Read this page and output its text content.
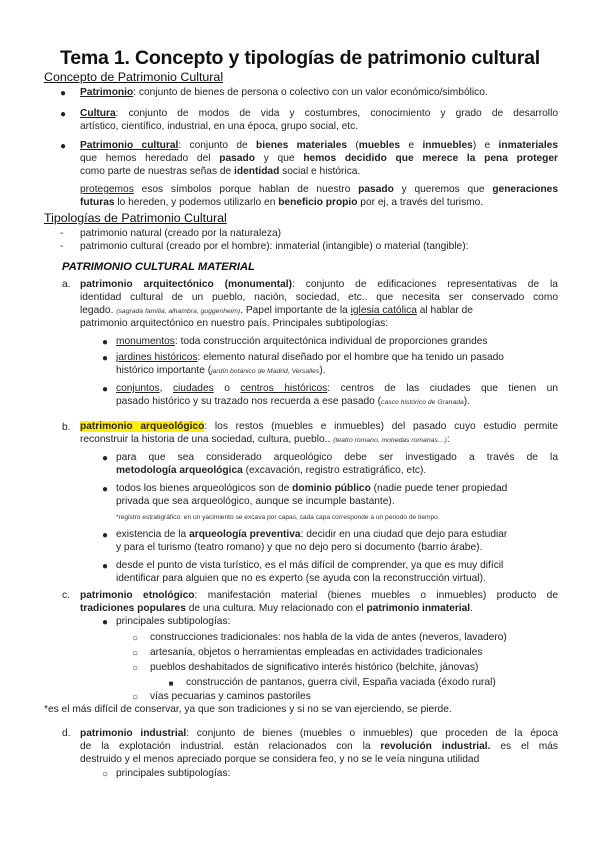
Tema 1. Concepto y tipologías de patrimonio cultural
Concepto de Patrimonio Cultural
● Patrimonio: conjunto de bienes de persona o colectivo con un valor económico/simbólico.
● Cultura: conjunto de modos de vida y costumbres, conocimiento y grado de desarrollo
artístico, científico, industrial, en una época, grupo social, etc.
● Patrimonio cultural: conjunto de bienes materiales (muebles e inmuebles) e inmateriales
que hemos heredado del pasado y que hemos decidido que merece la pena proteger
como parte de nuestras señas de identidad social e histórica.
protegemos esos símbolos porque hablan de nuestro pasado y queremos que generaciones
futuras lo hereden, y podemos utilizarlo en beneficio propio por ej, a través del turismo.
Tipologías de Patrimonio Cultural
-	patrimonio natural (creado por la naturaleza)
-	patrimonio cultural (creado por el hombre): inmaterial (intangible) o material (tangible):
PATRIMONIO CULTURAL MATERIAL
a. patrimonio arquitectónico (monumental): conjunto de edificaciones representativas de la
identidad cultural de un pueblo, nación, sociedad, etc.. que necesita ser conservado como
legado. (sagrada familia, alhambra, guggenheim). Papel importante de la iglesia católica al hablar de
patrimonio arquitectónico en nuestro país. Principales subtipologías:
● monumentos: toda construcción arquitectónica individual de proporciones grandes
● jardines históricos: elemento natural diseñado por el hombre que ha tenido un pasado
histórico importante (jardín botánico de Madrid, Versalles).
● conjuntos, ciudades o centros históricos: centros de las ciudades que tienen un
pasado histórico y su trazado nos recuerda a ese pasado (casco histórico de Granada).
b. patrimonio arqueológico: los restos (muebles e inmuebles) del pasado cuyo estudio permite
reconstruir la historia de una sociedad, cultura, pueblo.. (teatro romano, monedas romanas…):
● para que sea considerado arqueológico debe ser investigado a través de la
metodología arqueológica (excavación, registro estratigráfico, etc).
● todos los bienes arqueológicos son de dominio público (nadie puede tener propiedad
privada que sea arqueológico, aunque se incumple bastante).
*registro estratigráfico: en un yacimiento se excava por capas, cada capa corresponde a un periodo de tiempo.
● existencia de la arqueología preventiva: decidir en una ciudad que dejo para estudiar
y para el turismo (teatro romano) y que no dejo pero si documento (barrio árabe).
● desde el punto de vista turístico, es el más difícil de comprender, ya que es muy difícil
identificar para alguien que no es experto (se ayuda con la reconstrucción virtual).
c. patrimonio etnológico: manifestación material (bienes muebles o inmuebles) producto de
tradiciones populares de una cultura. Muy relacionado con el patrimonio inmaterial.
● principales subtipologías:
○ construcciones tradicionales: nos habla de la vida de antes (neveros, lavadero)
○ artesanía, objetos o herramientas empleadas en actividades tradicionales
○ pueblos deshabitados de significativo interés histórico (belchite, jánovas)
■ construcción de pantanos, guerra civil, España vaciada (éxodo rural)
○ vías pecuarias y caminos pastoriles
*es el más difícil de conservar, ya que son tradiciones y si no se van ejerciendo, se pierde.
d. patrimonio industrial: conjunto de bienes (muebles o inmuebles) que proceden de la época
de la explotación industrial. están relacionados con la revolución industrial. es el más
destruido y el menos apreciado porque se considera feo, y no se le veía ninguna utilidad
○ principales subtipologías:
